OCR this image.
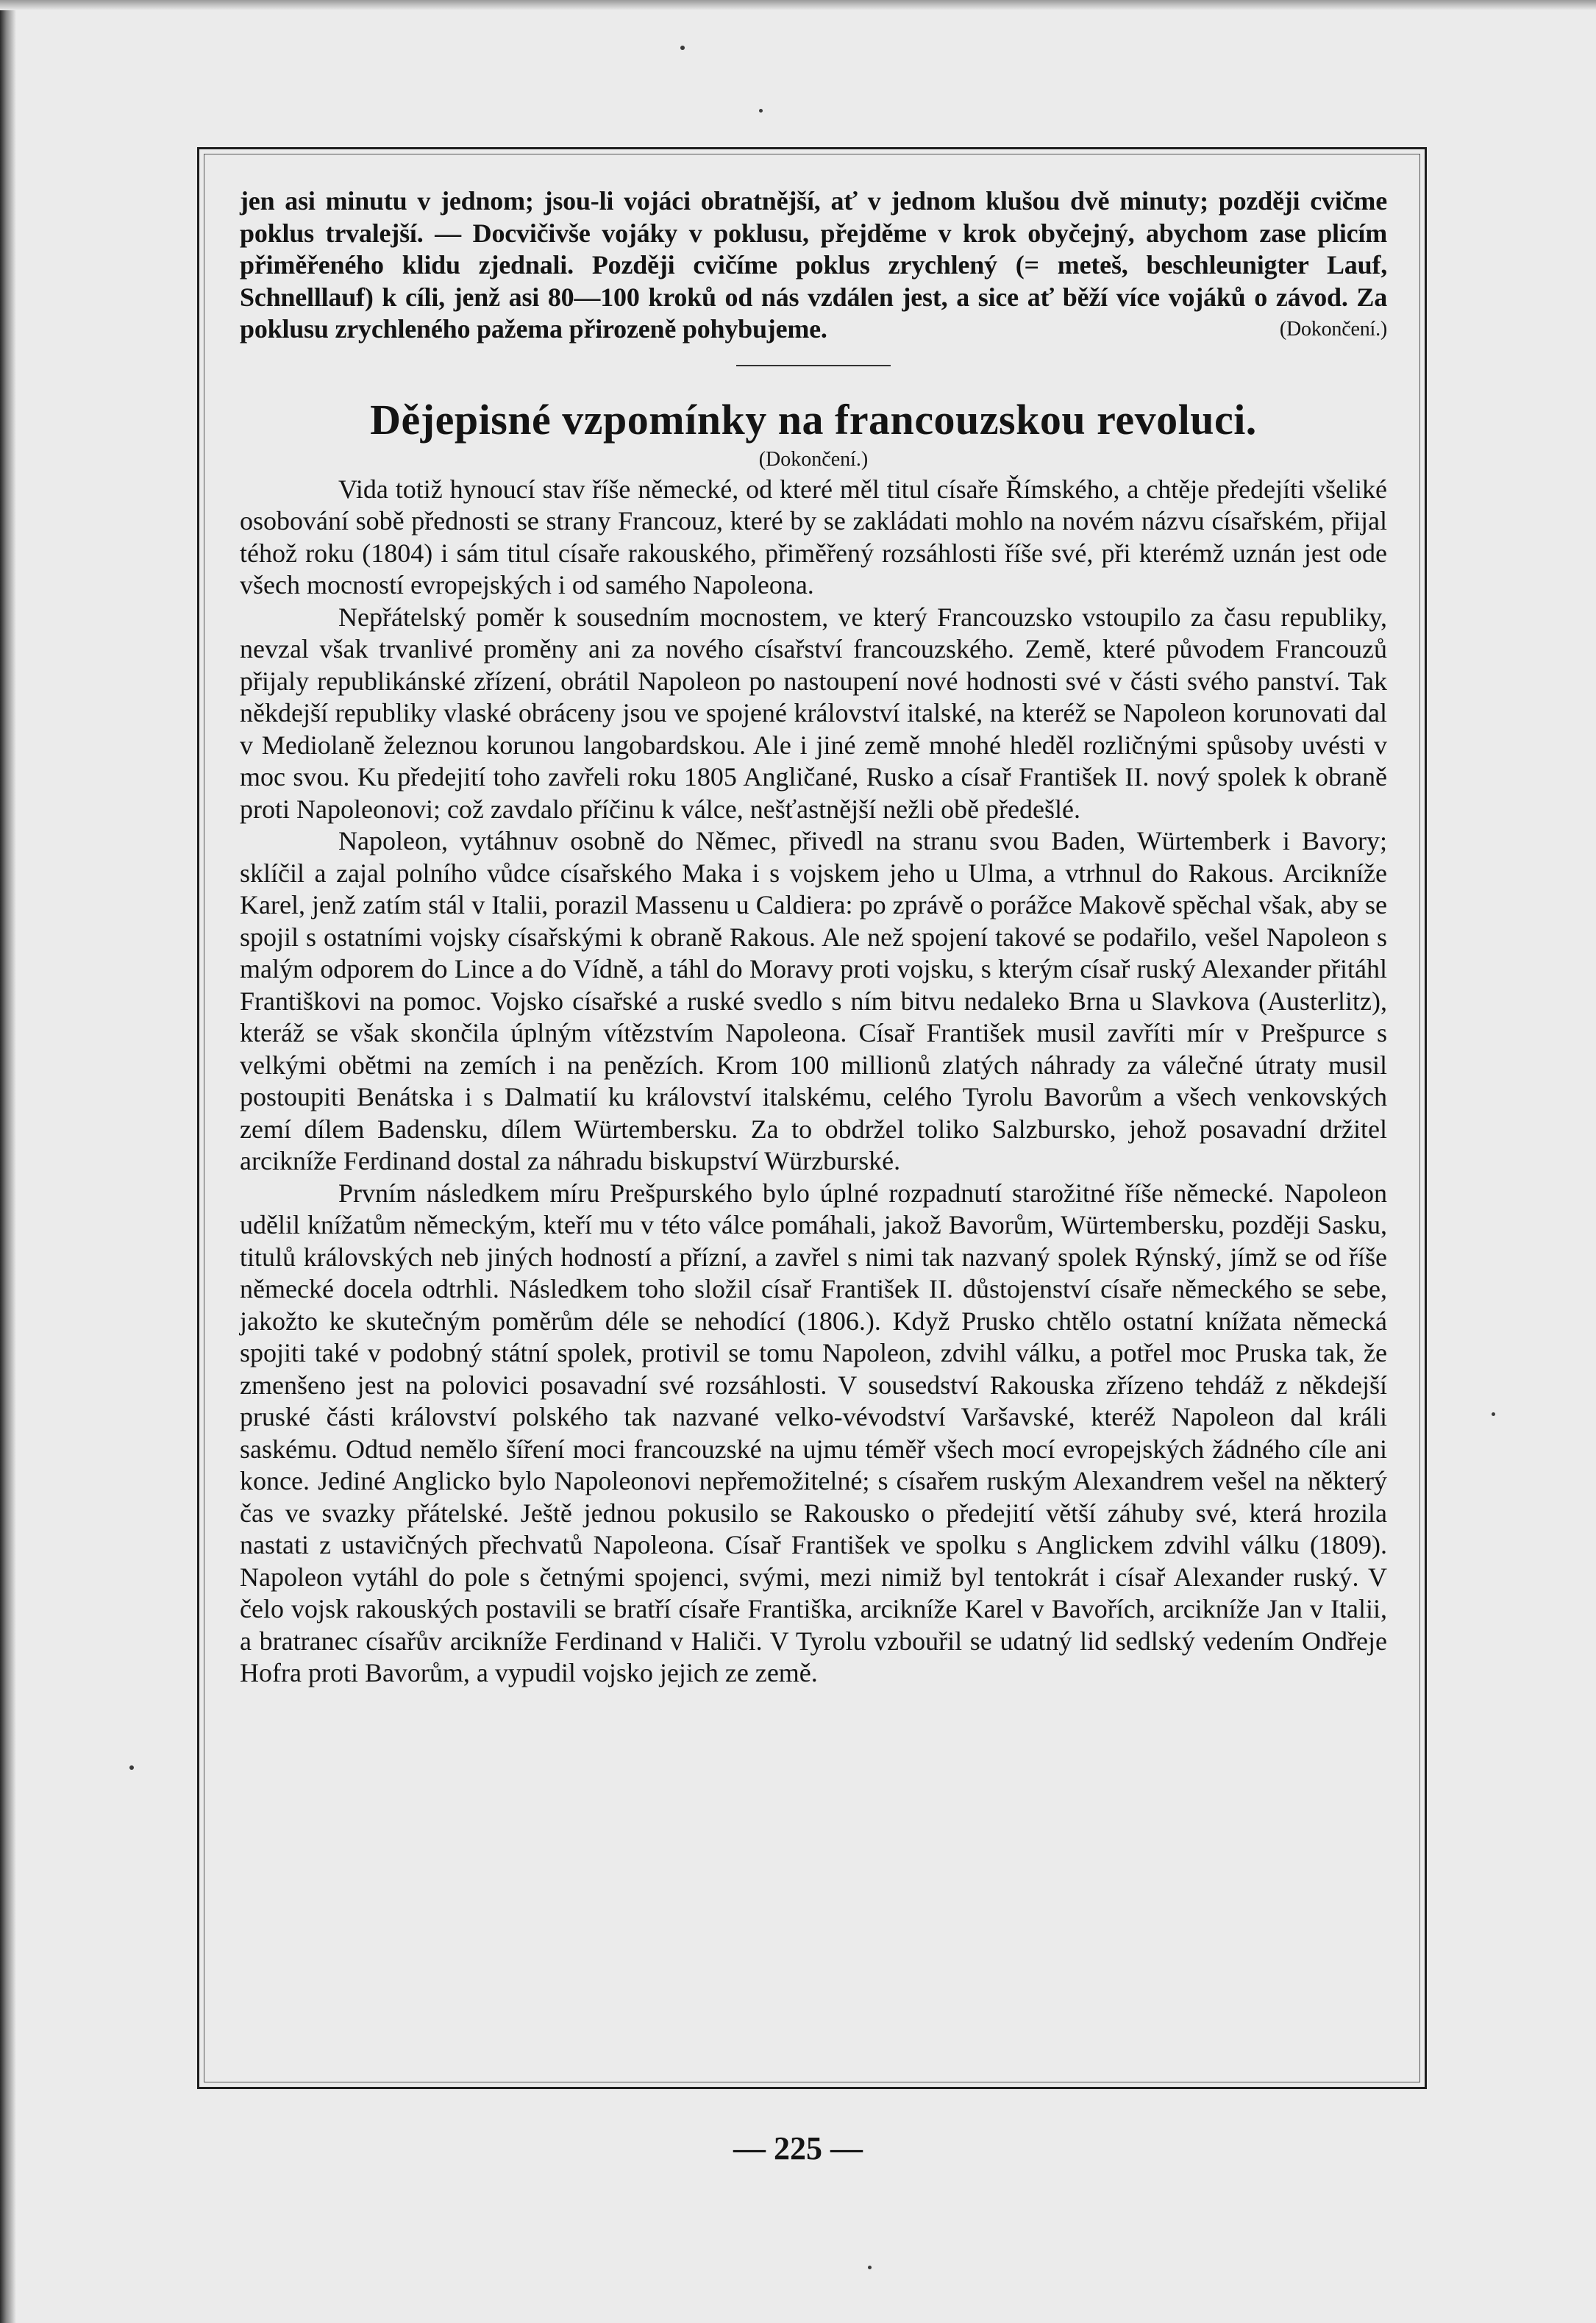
jen asi minutu v jednom; jsou-li vojáci obratnější, ať v jednom klušou dvě minuty; později cvičme poklus trvalejší. — Docvičivše vojáky v poklusu, přejděme v krok obyčejný, abychom zase plicím přiměřeného klidu zjednali. Později cvičíme poklus zrychlený (= meteš, beschleunigter Lauf, Schnelllauf) k cíli, jenž asi 80—100 kroků od nás vzdálen jest, a sice ať běží více vojáků o závod. Za poklusu zrychleného pažema přirozeně pohybujeme.	(Dokončení.)

Dějepisné vzpomínky na francouzskou revoluci.
(Dokončení.)

Vida totiž hynoucí stav říše německé, od které měl titul císaře Římského, a chtěje předejíti všeliké osobování sobě přednosti se strany Francouz, které by se zakládati mohlo na novém názvu císařském, přijal téhož roku (1804) i sám titul císaře rakouského, přiměřený rozsáhlosti říše své, při kterémž uznán jest ode všech mocností evropejských i od samého Napoleona.

Nepřátelský poměr k sousedním mocnostem, ve který Francouzsko vstoupilo za času republiky, nevzal však trvanlivé proměny ani za nového císařství francouzského. Země, které původem Francouzů přijaly republikánské zřízení, obrátil Napoleon po nastoupení nové hodnosti své v části svého panství. Tak někdejší republiky vlaské obráceny jsou ve spojené království italské, na kteréž se Napoleon korunovati dal v Mediolaně železnou korunou langobardskou. Ale i jiné země mnohé hleděl rozličnými spůsoby uvésti v moc svou. Ku předejití toho zavřeli roku 1805 Angličané, Rusko a císař František II. nový spolek k obraně proti Napoleonovi; což zavdalo příčinu k válce, nešťastnější nežli obě předešlé.

Napoleon, vytáhnuv osobně do Němec, přivedl na stranu svou Baden, Würtemberk i Bavory; sklíčil a zajal polního vůdce císařského Maka i s vojskem jeho u Ulma, a vtrhnul do Rakous. Arcikníže Karel, jenž zatím stál v Italii, porazil Massenu u Caldiera: po zprávě o porážce Makově spěchal však, aby se spojil s ostatními vojsky císařskými k obraně Rakous. Ale než spojení takové se podařilo, vešel Napoleon s malým odporem do Lince a do Vídně, a táhl do Moravy proti vojsku, s kterým císař ruský Alexander přitáhl Františkovi na pomoc. Vojsko císařské a ruské svedlo s ním bitvu nedaleko Brna u Slavkova (Austerlitz), kteráž se však skončila úplným vítězstvím Napoleona. Císař František musil zavříti mír v Prešpurce s velkými obětmi na zemích i na penězích. Krom 100 millionů zlatých náhrady za válečné útraty musil postoupiti Benátska i s Dalmatií ku království italskému, celého Tyrolu Bavorům a všech venkovských zemí dílem Badensku, dílem Würtembersku. Za to obdržel toliko Salzbursko, jehož posavadní držitel arcikníže Ferdinand dostal za náhradu biskupství Würzburské.

Prvním následkem míru Prešpurského bylo úplné rozpadnutí starožitné říše německé. Napoleon udělil knížatům německým, kteří mu v této válce pomáhali, jakož Bavorům, Würtembersku, později Sasku, titulů královských neb jiných hodností a přízní, a zavřel s nimi tak nazvaný spolek Rýnský, jímž se od říše německé docela odtrhli. Následkem toho složil císař František II. důstojenství císaře německého se sebe, jakožto ke skutečným poměrům déle se nehodící (1806.). Když Prusko chtělo ostatní knížata německá spojiti také v podobný státní spolek, protivil se tomu Napoleon, zdvihl válku, a potřel moc Pruska tak, že zmenšeno jest na polovici posavadní své rozsáhlosti. V sousedství Rakouska zřízeno tehdáž z někdejší pruské části království polského tak nazvané velko-vévodství Varšavské, kteréž Napoleon dal králi saskému. Odtud nemělo šíření moci francouzské na ujmu téměř všech mocí evropejských žádného cíle ani konce. Jediné Anglicko bylo Napoleonovi nepřemožitelné; s císařem ruským Alexandrem vešel na některý čas ve svazky přátelské. Ještě jednou pokusilo se Rakousko o předejití větší záhuby své, která hrozila nastati z ustavičných přechvatů Napoleona. Císař František ve spolku s Anglickem zdvihl válku (1809). Napoleon vytáhl do pole s četnými spojenci, svými, mezi nimiž byl tentokrát i císař Alexander ruský. V čelo vojsk rakouských postavili se bratří císaře Františka, arcikníže Karel v Bavořích, arcikníže Jan v Italii, a bratranec císařův arcikníže Ferdinand v Haliči. V Tyrolu vzbouřil se udatný lid sedlský vedením Ondřeje Hofra proti Bavorům, a vypudil vojsko jejich ze země.

— 225 —
